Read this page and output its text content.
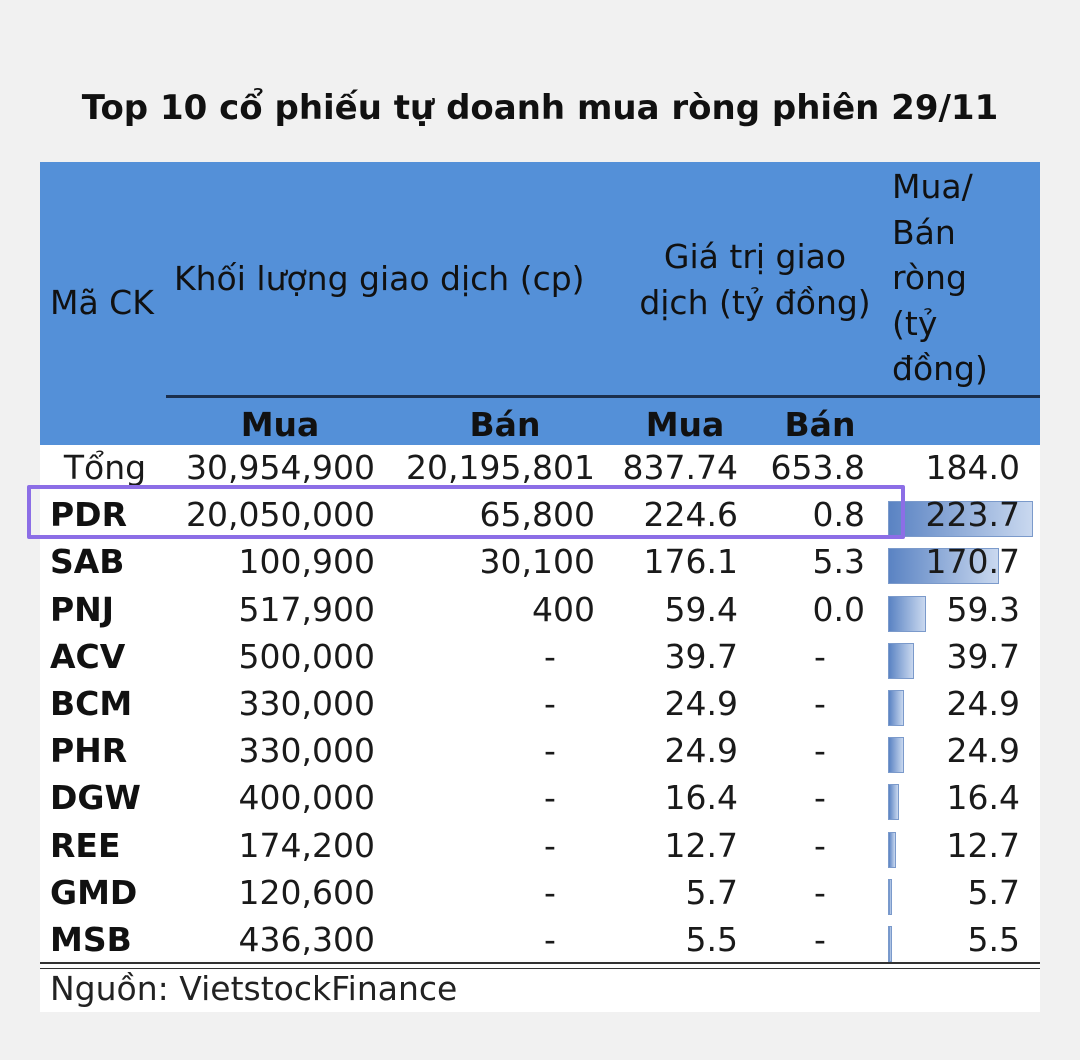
Top 10 cổ phiếu tự doanh mua ròng phiên 29/11
Mã CK
Khối lượng giao dịch (cp)
Giá trị giao
dịch (tỷ đồng)
Mua/
Bán
ròng
(tỷ
đồng)
Mua	Bán	Mua	Bán
Tổng	30,954,900 20,195,801 837.74 653.8	184.0
PDR	20,050,000	65,800	224.6	0.8	223.7
SAB	100,900	30,100	176.1	5.3	170.7
PNJ	517,900	400	59.4	0.0	59.3
ACV	500,000	-	39.7	-	39.7
BCM	330,000	-	24.9	-	24.9
PHR	330,000	-	24.9	-	24.9
DGW	400,000	-	16.4	-	16.4
REE	174,200	-	12.7	-	12.7
GMD	120,600	-	5.7	-	5.7
MSB	436,300	-	5.5	-	5.5
Nguồn: VietstockFinance
